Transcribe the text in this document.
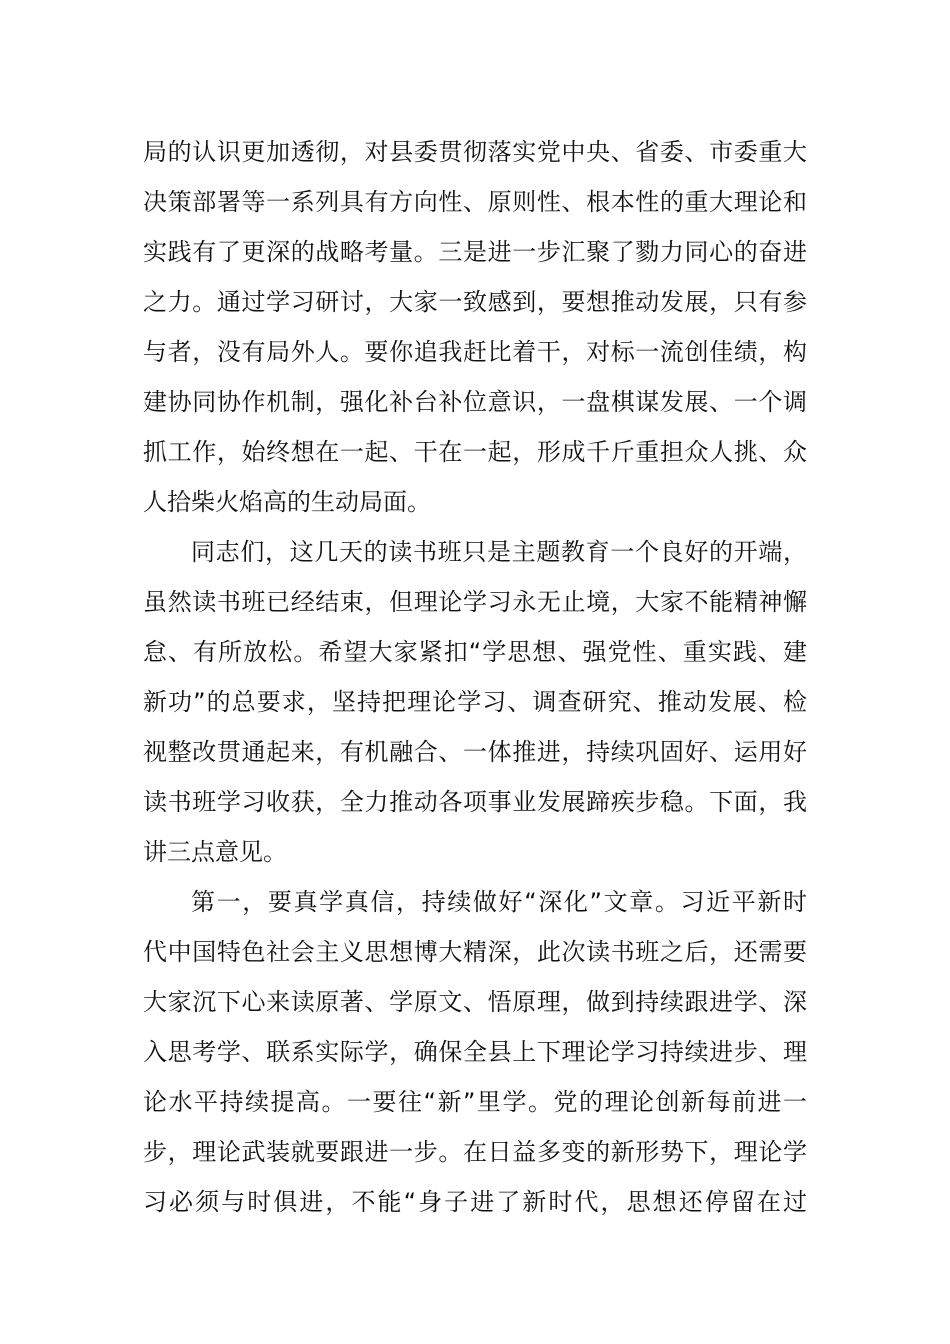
局的认识更加透彻，对县委贯彻落实党中央、省委、市委重大
决策部署等一系列具有方向性、原则性、根本性的重大理论和
实践有了更深的战略考量。三是进一步汇聚了勠力同心的奋进
之力。通过学习研讨，大家一致感到，要想推动发展，只有参
与者，没有局外人。要你追我赶比着干，对标一流创佳绩，构
建协同协作机制，强化补台补位意识，一盘棋谋发展、一个调
抓工作，始终想在一起、干在一起，形成千斤重担众人挑、众
人拾柴火焰高的生动局面。
同志们，这几天的读书班只是主题教育一个良好的开端，
虽然读书班已经结束，但理论学习永无止境，大家不能精神懈
怠、有所放松。希望大家紧扣“学思想、强党性、重实践、建
新功”的总要求，坚持把理论学习、调查研究、推动发展、检
视整改贯通起来，有机融合、一体推进，持续巩固好、运用好
读书班学习收获，全力推动各项事业发展蹄疾步稳。下面，我
讲三点意见。
第一，要真学真信，持续做好“深化”文章。习近平新时
代中国特色社会主义思想博大精深，此次读书班之后，还需要
大家沉下心来读原著、学原文、悟原理，做到持续跟进学、深
入思考学、联系实际学，确保全县上下理论学习持续进步、理
论水平持续提高。一要往“新”里学。党的理论创新每前进一
步，理论武装就要跟进一步。在日益多变的新形势下，理论学
习必须与时俱进，不能“身子进了新时代，思想还停留在过
